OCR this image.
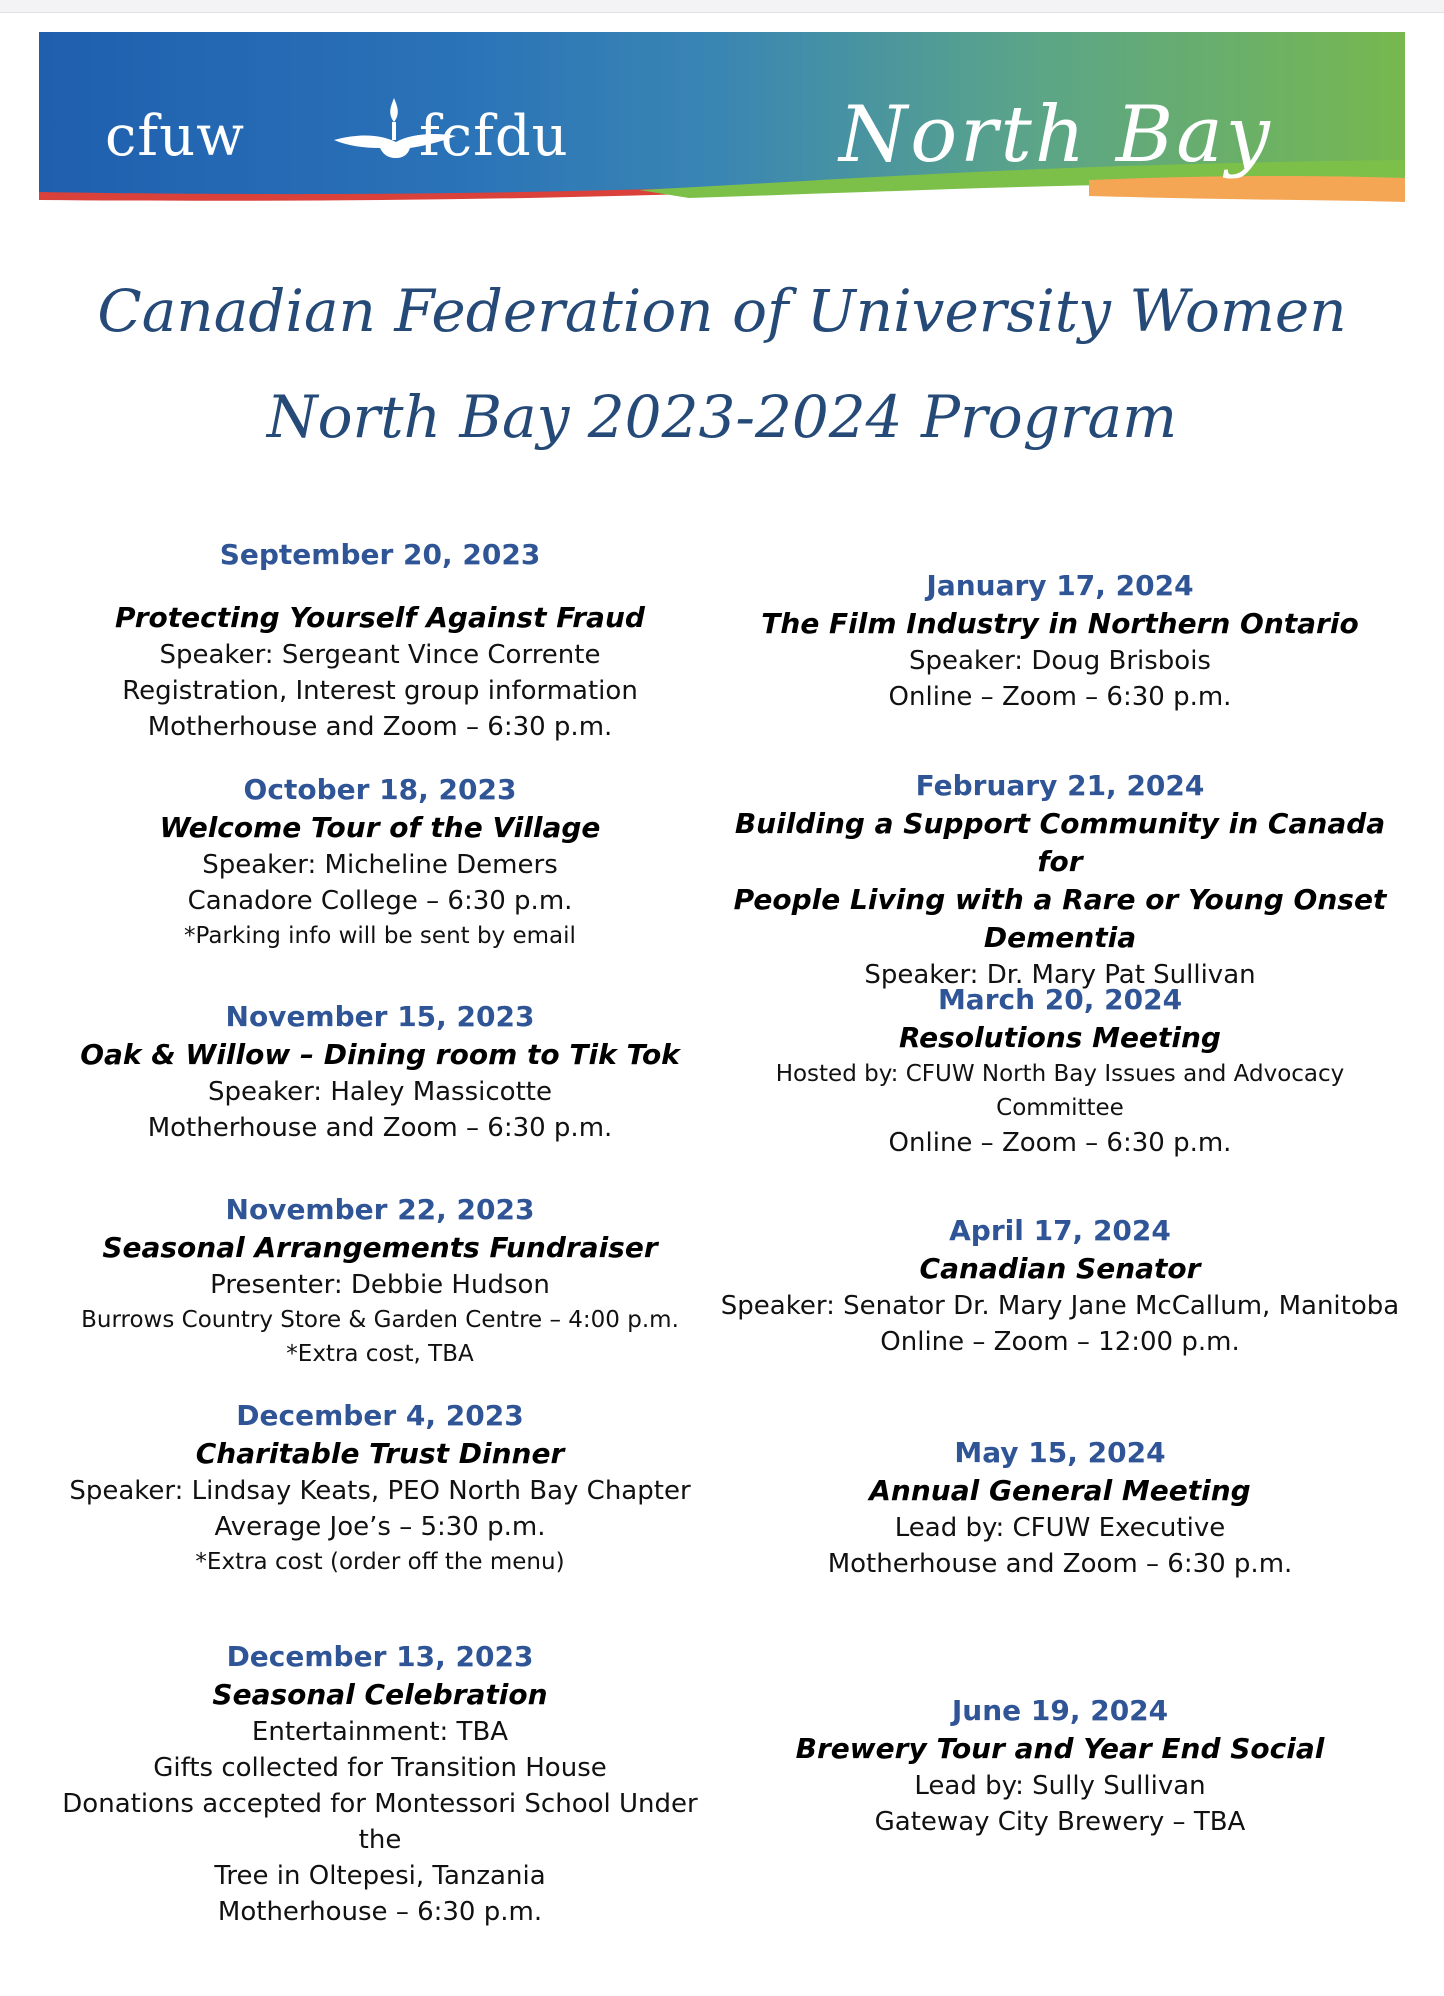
cfuw	fcfdu	North Bay
Canadian Federation of University Women
North Bay 2023-2024 Program
September 20, 2023
Protecting Yourself Against Fraud
Speaker: Sergeant Vince Corrente
Registration, Interest group information
Motherhouse and Zoom – 6:30 p.m.
October 18, 2023
Welcome Tour of the Village
Speaker: Micheline Demers
Canadore College – 6:30 p.m.
*Parking info will be sent by email
November 15, 2023
Oak & Willow – Dining room to Tik Tok
Speaker: Haley Massicotte
Motherhouse and Zoom – 6:30 p.m.
November 22, 2023
Seasonal Arrangements Fundraiser
Presenter: Debbie Hudson
Burrows Country Store & Garden Centre – 4:00 p.m.
*Extra cost, TBA
December 4, 2023
Charitable Trust Dinner
Speaker: Lindsay Keats, PEO North Bay Chapter
Average Joe’s – 5:30 p.m.
*Extra cost (order off the menu)
December 13, 2023
Seasonal Celebration
Entertainment: TBA
Gifts collected for Transition House
Donations accepted for Montessori School Under the
Tree in Oltepesi, Tanzania
Motherhouse – 6:30 p.m.
January 17, 2024
The Film Industry in Northern Ontario
Speaker: Doug Brisbois
Online – Zoom – 6:30 p.m.
February 21, 2024
Building a Support Community in Canada for
People Living with a Rare or Young Onset
Dementia
Speaker: Dr. Mary Pat Sullivan
March 20, 2024
Resolutions Meeting
Hosted by: CFUW North Bay Issues and Advocacy
Committee
Online – Zoom – 6:30 p.m.
April 17, 2024
Canadian Senator
Speaker: Senator Dr. Mary Jane McCallum, Manitoba
Online – Zoom – 12:00 p.m.
May 15, 2024
Annual General Meeting
Lead by: CFUW Executive
Motherhouse and Zoom – 6:30 p.m.
June 19, 2024
Brewery Tour and Year End Social
Lead by: Sully Sullivan
Gateway City Brewery – TBA
